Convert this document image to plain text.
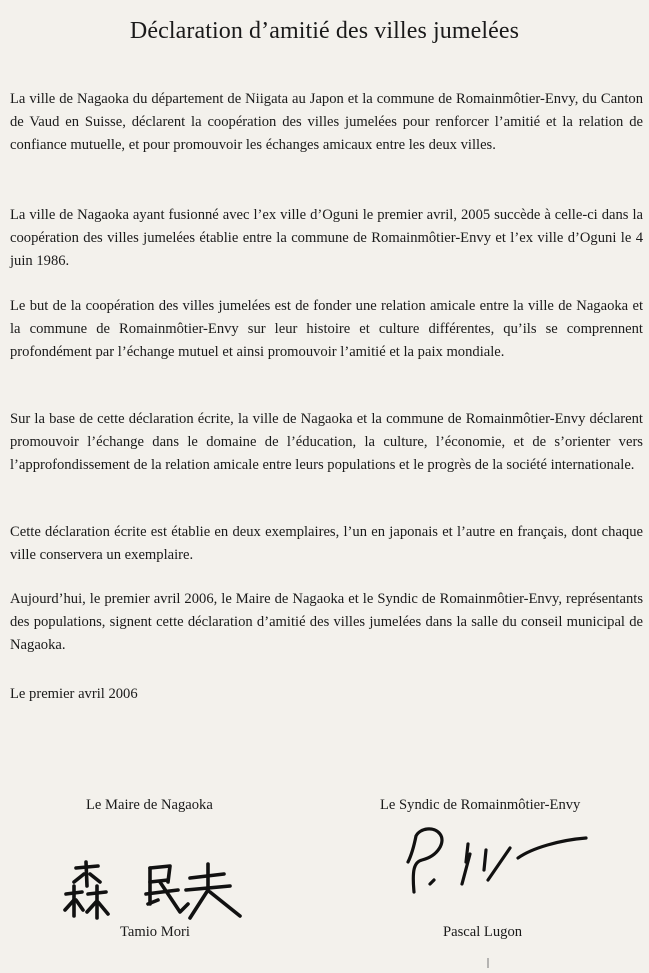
Déclaration d’amitié des villes jumelées

La ville de Nagaoka du département de Niigata au Japon et la commune de Romainmôtier-Envy, du Canton de Vaud en Suisse, déclarent la coopération des villes jumelées pour renforcer l’amitié et la relation de confiance mutuelle, et pour promouvoir les échanges amicaux entre les deux villes.

La ville de Nagaoka ayant fusionné avec l’ex ville d’Oguni le premier avril, 2005 succède à celle-ci dans la coopération des villes jumelées établie entre la commune de Romainmôtier-Envy et l’ex ville d’Oguni le 4 juin 1986.

Le but de la coopération des villes jumelées est de fonder une relation amicale entre la ville de Nagaoka et la commune de Romainmôtier-Envy sur leur histoire et culture différentes, qu’ils se comprennent profondément par l’échange mutuel et ainsi promouvoir l’amitié et la paix mondiale.

Sur la base de cette déclaration écrite, la ville de Nagaoka et la commune de Romainmôtier-Envy déclarent promouvoir l’échange dans le domaine de l’éducation, la culture, l’économie, et de s’orienter vers l’approfondissement de la relation amicale entre leurs populations et le progrès de la société internationale.

Cette déclaration écrite est établie en deux exemplaires, l’un en japonais et l’autre en français, dont chaque ville conservera un exemplaire.

Aujourd’hui, le premier avril 2006, le Maire de Nagaoka et le Syndic de Romainmôtier-Envy, représentants des populations, signent cette déclaration d’amitié des villes jumelées dans la salle du conseil municipal de Nagaoka.

Le premier avril 2006
Le Maire de Nagaoka	Le Syndic de Romainmôtier-Envy
Tamio Mori	Pascal Lugon
